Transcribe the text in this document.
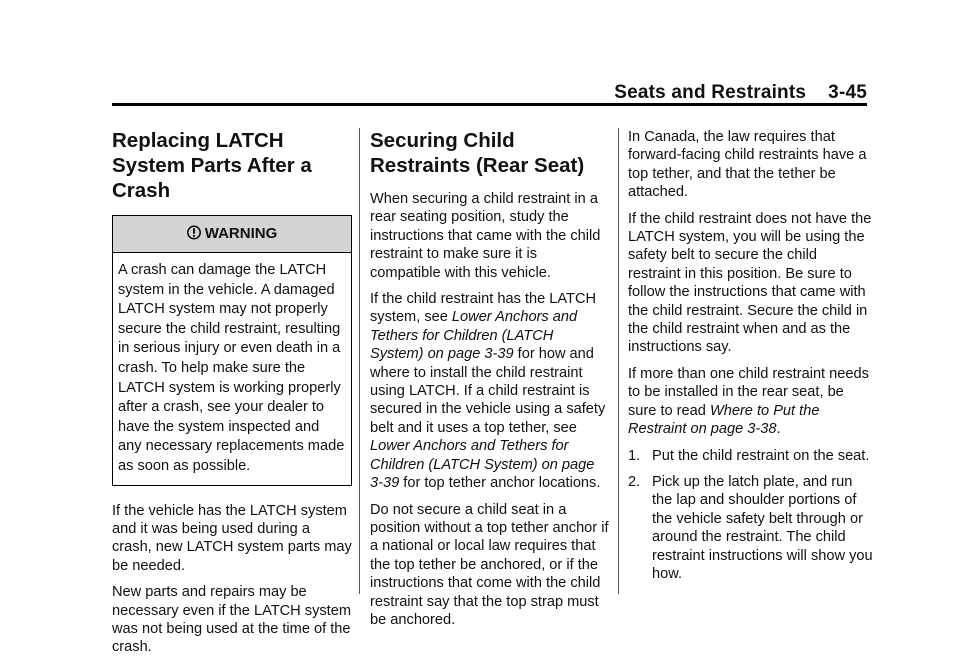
Seats and Restraints 3-45
Replacing LATCH System Parts After a Crash
WARNING
A crash can damage the LATCH system in the vehicle. A damaged LATCH system may not properly secure the child restraint, resulting in serious injury or even death in a crash. To help make sure the LATCH system is working properly after a crash, see your dealer to have the system inspected and any necessary replacements made as soon as possible.

If the vehicle has the LATCH system and it was being used during a crash, new LATCH system parts may be needed.

New parts and repairs may be necessary even if the LATCH system was not being used at the time of the crash.

Securing Child Restraints (Rear Seat)

When securing a child restraint in a rear seating position, study the instructions that came with the child restraint to make sure it is compatible with this vehicle.

If the child restraint has the LATCH system, see Lower Anchors and Tethers for Children (LATCH System) on page 3-39 for how and where to install the child restraint using LATCH. If a child restraint is secured in the vehicle using a safety belt and it uses a top tether, see Lower Anchors and Tethers for Children (LATCH System) on page 3-39 for top tether anchor locations.

Do not secure a child seat in a position without a top tether anchor if a national or local law requires that the top tether be anchored, or if the instructions that come with the child restraint say that the top strap must be anchored.

In Canada, the law requires that forward-facing child restraints have a top tether, and that the tether be attached.

If the child restraint does not have the LATCH system, you will be using the safety belt to secure the child restraint in this position. Be sure to follow the instructions that came with the child restraint. Secure the child in the child restraint when and as the instructions say.

If more than one child restraint needs to be installed in the rear seat, be sure to read Where to Put the Restraint on page 3-38.

1. Put the child restraint on the seat.
2. Pick up the latch plate, and run the lap and shoulder portions of the vehicle safety belt through or around the restraint. The child restraint instructions will show you how.
